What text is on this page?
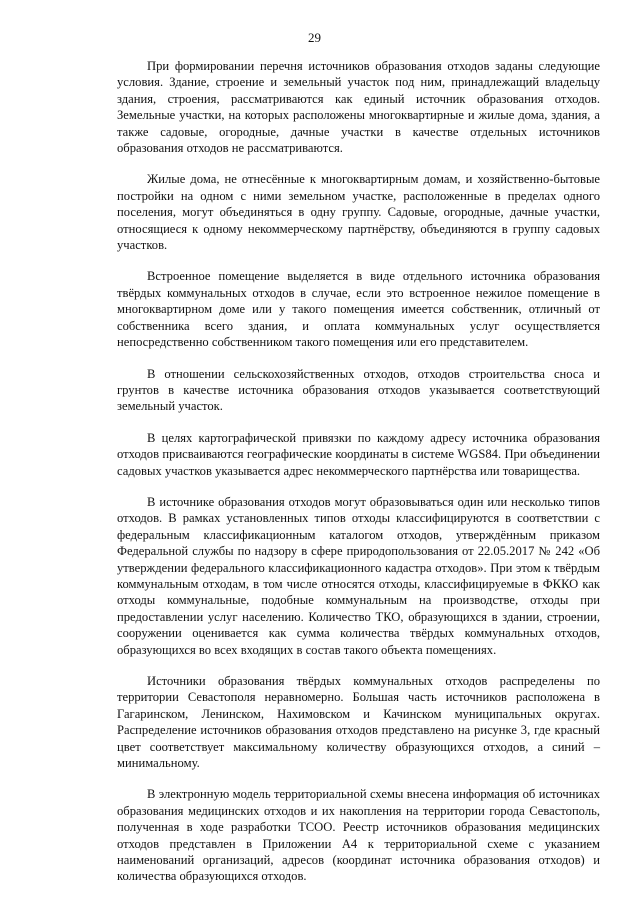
29

При формировании перечня источников образования отходов заданы следующие условия. Здание, строение и земельный участок под ним, принадлежащий владельцу здания, строения, рассматриваются как единый источник образования отходов. Земельные участки, на которых расположены многоквартирные и жилые дома, здания, а также садовые, огородные, дачные участки в качестве отдельных источников образования отходов не рассматриваются.

Жилые дома, не отнесённые к многоквартирным домам, и хозяйственно-бытовые постройки на одном с ними земельном участке, расположенные в пределах одного поселения, могут объединяться в одну группу. Садовые, огородные, дачные участки, относящиеся к одному некоммерческому партнёрству, объединяются в группу садовых участков.

Встроенное помещение выделяется в виде отдельного источника образования твёрдых коммунальных отходов в случае, если это встроенное нежилое помещение в многоквартирном доме или у такого помещения имеется собственник, отличный от собственника всего здания, и оплата коммунальных услуг осуществляется непосредственно собственником такого помещения или его представителем.

В отношении сельскохозяйственных отходов, отходов строительства сноса и грунтов в качестве источника образования отходов указывается соответствующий земельный участок.

В целях картографической привязки по каждому адресу источника образования отходов присваиваются географические координаты в системе WGS84. При объединении садовых участков указывается адрес некоммерческого партнёрства или товарищества.

В источнике образования отходов могут образовываться один или несколько типов отходов. В рамках установленных типов отходы классифицируются в соответствии с федеральным классификационным каталогом отходов, утверждённым приказом Федеральной службы по надзору в сфере природопользования от 22.05.2017 № 242 «Об утверждении федерального классификационного кадастра отходов». При этом к твёрдым коммунальным отходам, в том числе относятся отходы, классифицируемые в ФККО как отходы коммунальные, подобные коммунальным на производстве, отходы при предоставлении услуг населению. Количество ТКО, образующихся в здании, строении, сооружении оценивается как сумма количества твёрдых коммунальных отходов, образующихся во всех входящих в состав такого объекта помещениях.

Источники образования твёрдых коммунальных отходов распределены по территории Севастополя неравномерно. Большая часть источников расположена в Гагаринском, Ленинском, Нахимовском и Качинском муниципальных округах. Распределение источников образования отходов представлено на рисунке 3, где красный цвет соответствует максимальному количеству образующихся отходов, а синий – минимальному.

В электронную модель территориальной схемы внесена информация об источниках образования медицинских отходов и их накопления на территории города Севастополь, полученная в ходе разработки ТСОО. Реестр источников образования медицинских отходов представлен в Приложении А4 к территориальной схеме с указанием наименований организаций, адресов (координат источника образования отходов) и количества образующихся отходов.
